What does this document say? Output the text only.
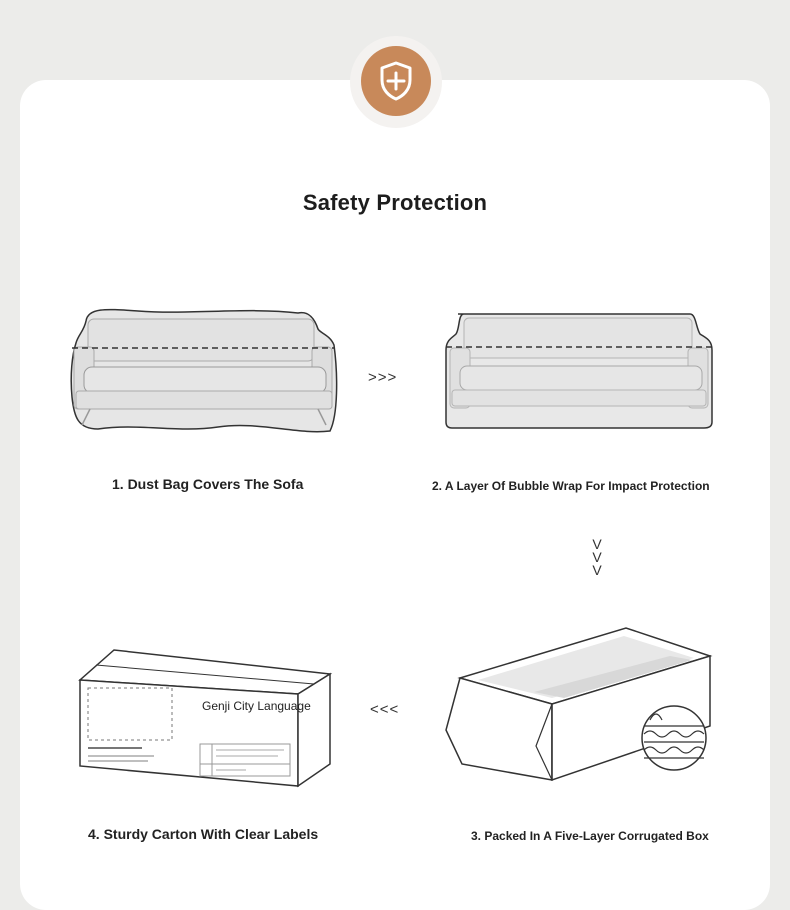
Safety Protection
>>>
1. Dust Bag Covers The Sofa	2. A Layer Of Bubble Wrap For Impact Protection
V
V
V
Genji City Language	<<<
4. Sturdy Carton With Clear Labels	3. Packed In A Five-Layer Corrugated Box
